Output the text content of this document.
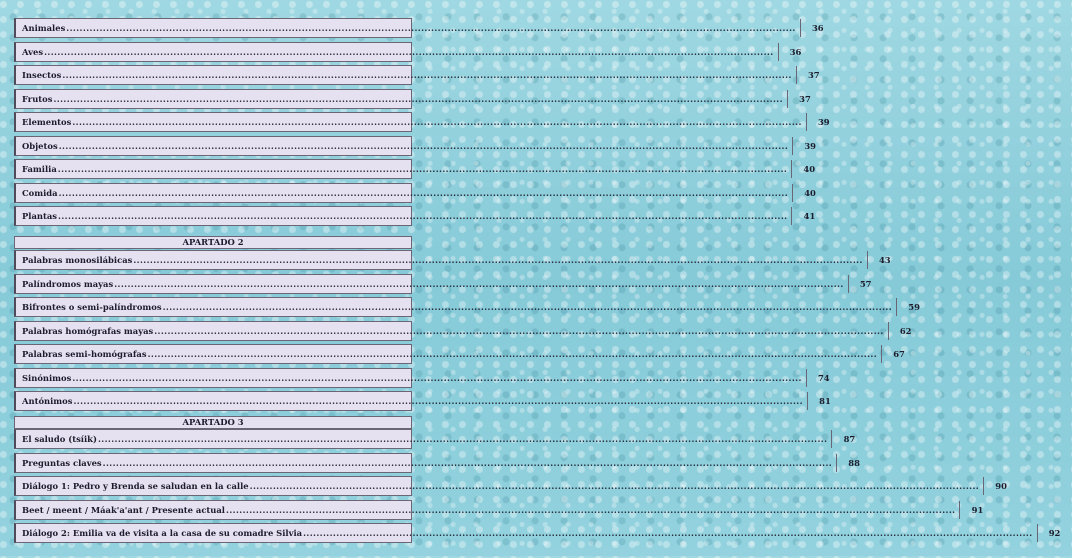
Animales ............................................................................................................................................................................................................................	36
Aves ............................................................................................................................................................................................................................	36
Insectos ............................................................................................................................................................................................................................	37
Frutos ............................................................................................................................................................................................................................	37
Elementos ............................................................................................................................................................................................................................	39
Objetos ............................................................................................................................................................................................................................	39
Familia ............................................................................................................................................................................................................................	40
Comida ............................................................................................................................................................................................................................	40
Plantas ............................................................................................................................................................................................................................	41
APARTADO 2
Palabras monosilábicas ............................................................................................................................................................................................................................	43
Palíndromos mayas ............................................................................................................................................................................................................................	57
Bifrontes o semi-palíndromos ............................................................................................................................................................................................................................	59
Palabras homógrafas mayas ............................................................................................................................................................................................................................	62
Palabras semi-homógrafas ............................................................................................................................................................................................................................	67
Sinónimos ............................................................................................................................................................................................................................	74
Antónimos ............................................................................................................................................................................................................................	81
APARTADO 3
El saludo (tsíik) ............................................................................................................................................................................................................................	87
Preguntas claves ............................................................................................................................................................................................................................	88
Diálogo 1: Pedro y Brenda se saludan en la calle ............................................................................................................................................................................................................................	90
Beet / meent / Máak'a'ant / Presente actual ............................................................................................................................................................................................................................	91
Diálogo 2: Emilia va de visita a la casa de su comadre Silvia ............................................................................................................................................................................................................................	92
